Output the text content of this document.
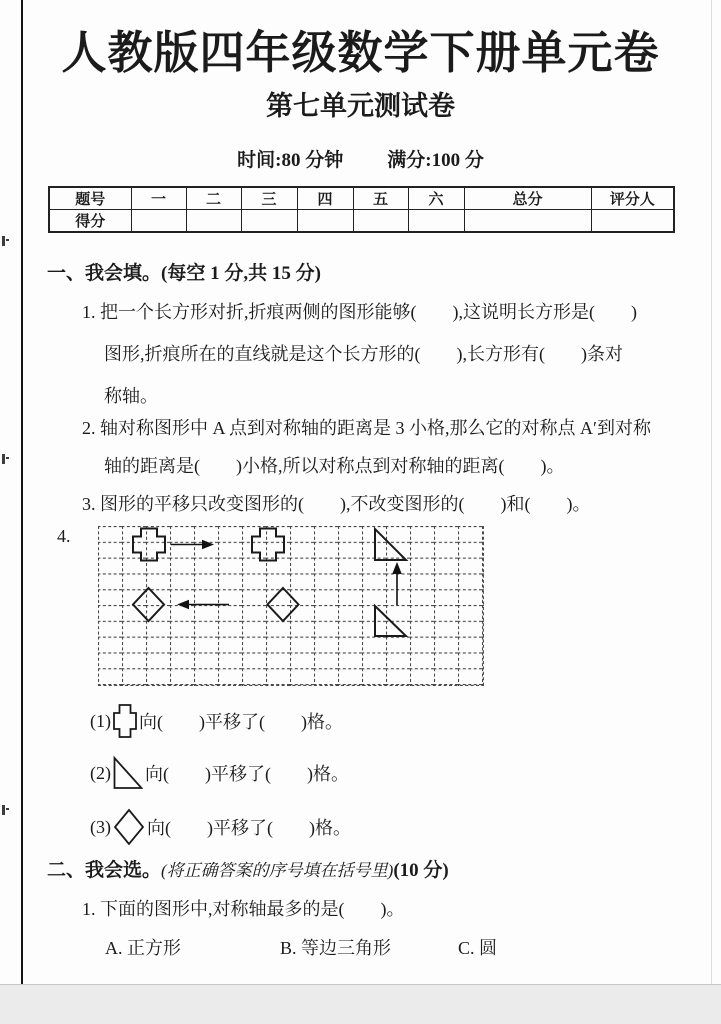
人教版四年级数学下册单元卷
第七单元测试卷
时间:80 分钟 满分:100 分
题号	一	二	三	四	五	六	总分	评分人
得分								
一、我会填。(每空 1 分,共 15 分)
1. 把一个长方形对折,折痕两侧的图形能够(　　),这说明长方形是(　　)
图形,折痕所在的直线就是这个长方形的(　　),长方形有(　　)条对
称轴。
2. 轴对称图形中 A 点到对称轴的距离是 3 小格,那么它的对称点 A′到对称
轴的距离是(　　)小格,所以对称点到对称轴的距离(　　)。
3. 图形的平移只改变图形的(　　),不改变图形的(　　)和(　　)。
4.
(1) 向(　　)平移了(　　)格。
(2) 向(　　)平移了(　　)格。
(3) 向(　　)平移了(　　)格。
二、我会选。(将正确答案的序号填在括号里)(10 分)
1. 下面的图形中,对称轴最多的是(　　)。
A. 正方形	B. 等边三角形	C. 圆
